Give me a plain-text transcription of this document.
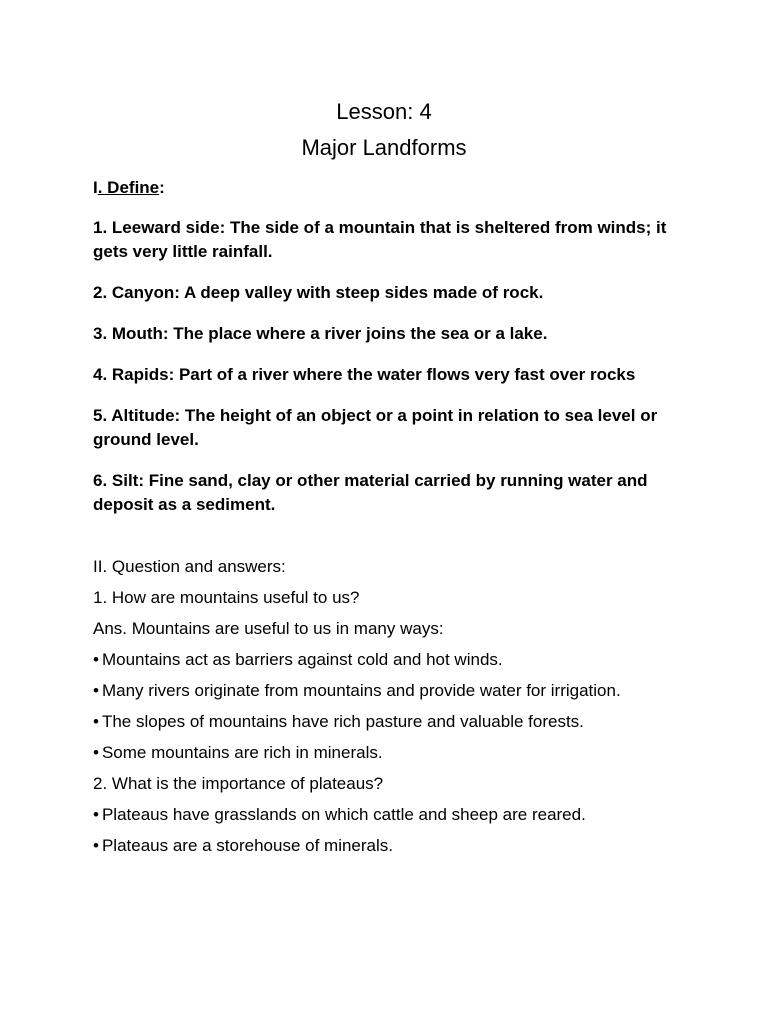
Lesson: 4
Major Landforms
I. Define:
1. Leeward side: The side of a mountain that is sheltered from winds; it gets very little rainfall.
2. Canyon: A deep valley with steep sides made of rock.
3. Mouth: The place where a river joins the sea or a lake.
4. Rapids: Part of a river where the water flows very fast over rocks
5. Altitude: The height of an object or a point in relation to sea level or ground level.
6. Silt: Fine sand, clay or other material carried by running water and deposit as a sediment.
II. Question and answers:
1. How are mountains useful to us?
Ans. Mountains are useful to us in many ways:
• Mountains act as barriers against cold and hot winds.
• Many rivers originate from mountains and provide water for irrigation.
• The slopes of mountains have rich pasture and valuable forests.
• Some mountains are rich in minerals.
2. What is the importance of plateaus?
• Plateaus have grasslands on which cattle and sheep are reared.
• Plateaus are a storehouse of minerals.
